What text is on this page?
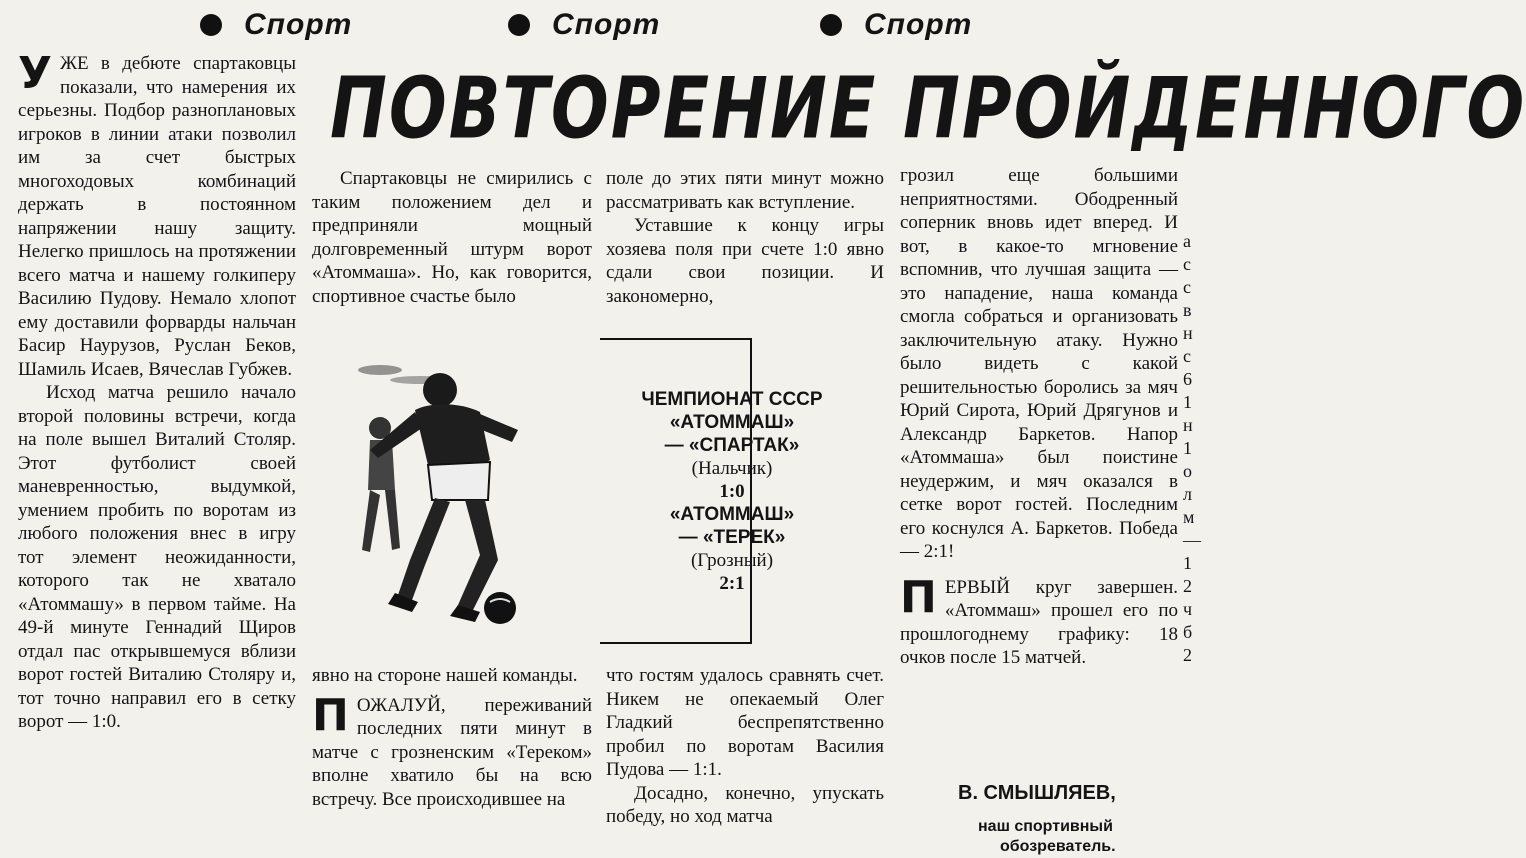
Спорт	Спорт	Спорт
ПОВТОРЕНИЕ ПРОЙДЕННОГО

УЖЕ в дебюте спартаковцы показали, что намерения их серьезны. Подбор разноплановых игроков в линии атаки позволил им за счет быстрых многоходовых комбинаций держать в постоянном напряжении нашу защиту. Нелегко пришлось на протяжении всего матча и нашему голкиперу Василию Пудову. Немало хлопот ему доставили форварды нальчан Басир Наурузов, Руслан Беков, Шамиль Исаев, Вячеслав Губжев.

Исход матча решило начало второй половины встречи, когда на поле вышел Виталий Столяр. Этот футболист своей маневренностью, выдумкой, умением пробить по воротам из любого положения внес в игру тот элемент неожиданности, которого так не хватало «Атоммашу» в первом тайме. На 49-й минуте Геннадий Щиров отдал пас открывшемуся вблизи ворот гостей Виталию Столяру и, тот точно направил его в сетку ворот — 1:0.

Спартаковцы не смирились с таким положением дел и предприняли мощный долговременный штурм ворот «Атоммаша». Но, как говорится, спортивное счастье было

явно на стороне нашей команды.

ПОЖАЛУЙ, переживаний последних пяти минут в матче с грозненским «Тереком» вполне хватило бы на всю встречу. Все происходившее на

поле до этих пяти минут можно рассматривать как вступление.

Уставшие к концу игры хозяева поля при счете 1:0 явно сдали свои позиции. И закономерно,

ЧЕМПИОНАТ СССР
«АТОММАШ»
— «СПАРТАК»
(Нальчик)
1:0
«АТОММАШ»
— «ТЕРЕК»
(Грозный)
2:1

что гостям удалось сравнять счет. Никем не опекаемый Олег Гладкий беспрепятственно пробил по воротам Василия Пудова — 1:1.

Досадно, конечно, упускать победу, но ход матча

грозил еще большими неприятностями. Ободренный соперник вновь идет вперед. И вот, в какое-то мгновение вспомнив, что лучшая защита — это нападение, наша команда смогла собраться и организовать заключительную атаку. Нужно было видеть с какой решительностью боролись за мяч Юрий Сирота, Юрий Дрягунов и Александр Баркетов. Напор «Атоммаша» был поистине неудержим, и мяч оказался в сетке ворот гостей. Последним его коснулся А. Баркетов. Победа — 2:1!

ПЕРВЫЙ круг завершен. «Атоммаш» прошел его по прошлогоднему графику: 18 очков после 15 матчей.

В. СМЫШЛЯЕВ,
наш спортивный
обозреватель.
а
с
с
в
н
с
6
1
н
1
о
л
м
—
1
2
ч
б
2
